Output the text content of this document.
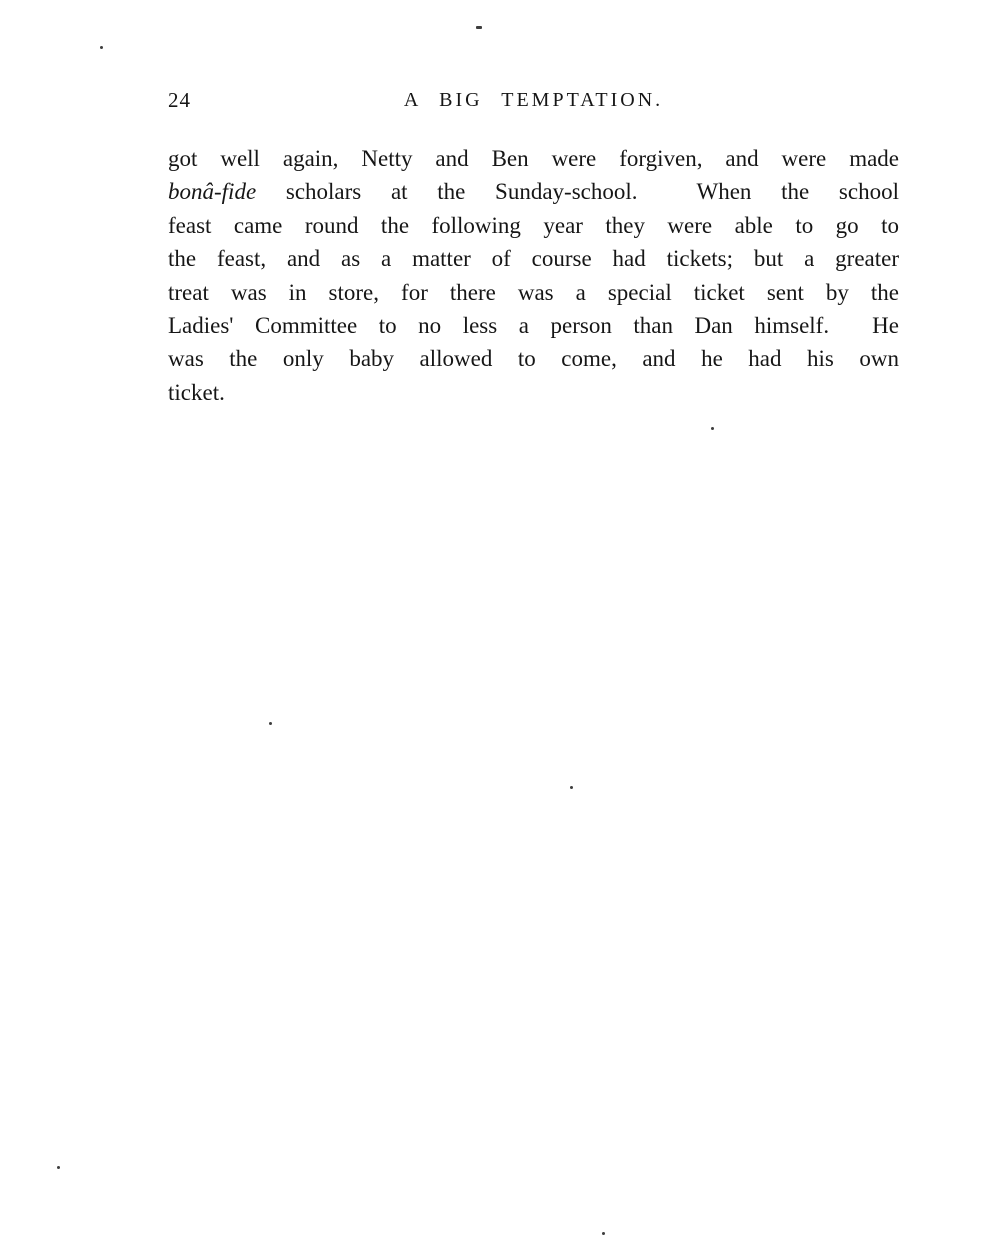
24	A BIG TEMPTATION.
got well again, Netty and Ben were forgiven, and were made
bonâ-fide scholars at the Sunday-school.  When the school
feast came round the following year they were able to go to
the feast, and as a matter of course had tickets; but a greater
treat was in store, for there was a special ticket sent by the
Ladies' Committee to no less a person than Dan himself.  He
was the only baby allowed to come, and he had his own
ticket.
